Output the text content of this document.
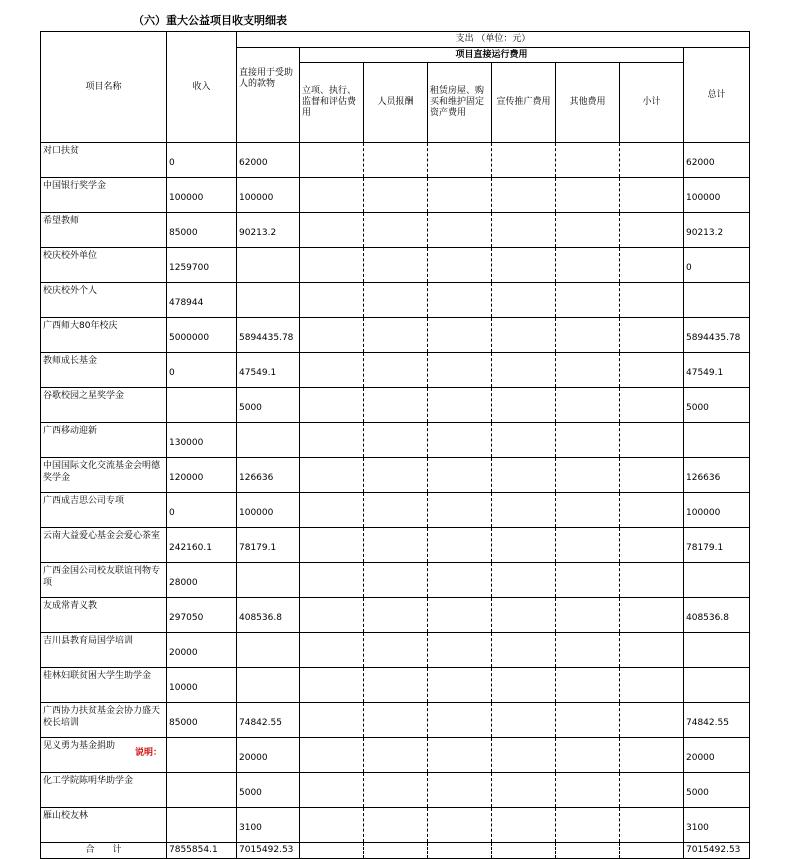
（六）重大公益项目收支明细表
项目名称	收入	支出 （单位：元）							
		直接用于受助人的款物	项目直接运行费用						总计
			立项、执行、监督和评估费用	人员报酬	租赁房屋、购买和维护固定资产费用	宣传推广费用	其他费用	小计	
对口扶贫	0	62000							62000
中国银行奖学金	100000	100000							100000
希望教师	85000	90213.2							90213.2
校庆校外单位	1259700								0
校庆校外个人	478944								
广西师大80年校庆	5000000	5894435.78							5894435.78
教师成长基金	0	47549.1							47549.1
谷歌校园之星奖学金		5000							5000
广西移动迎新	130000								
中国国际文化交流基金会明德奖学金	120000	126636							126636
广西成吉思公司专项	0	100000							100000
云南大益爱心基金会爱心茶室	242160.1	78179.1							78179.1
广西金国公司校友联谊刊物专项	28000								
友成常青义教	297050	408536.8							408536.8
吉川县教育局国学培训	20000								
桂林妇联贫困大学生助学金	10000								
广西协力扶贫基金会协力盛天校长培训	85000	74842.55							74842.55
见义勇为基金捐助		20000							20000
化工学院陈明华助学金		5000							5000
雁山校友林		3100							3100
合　　计	7855854.1	7015492.53							7015492.53
说明：
